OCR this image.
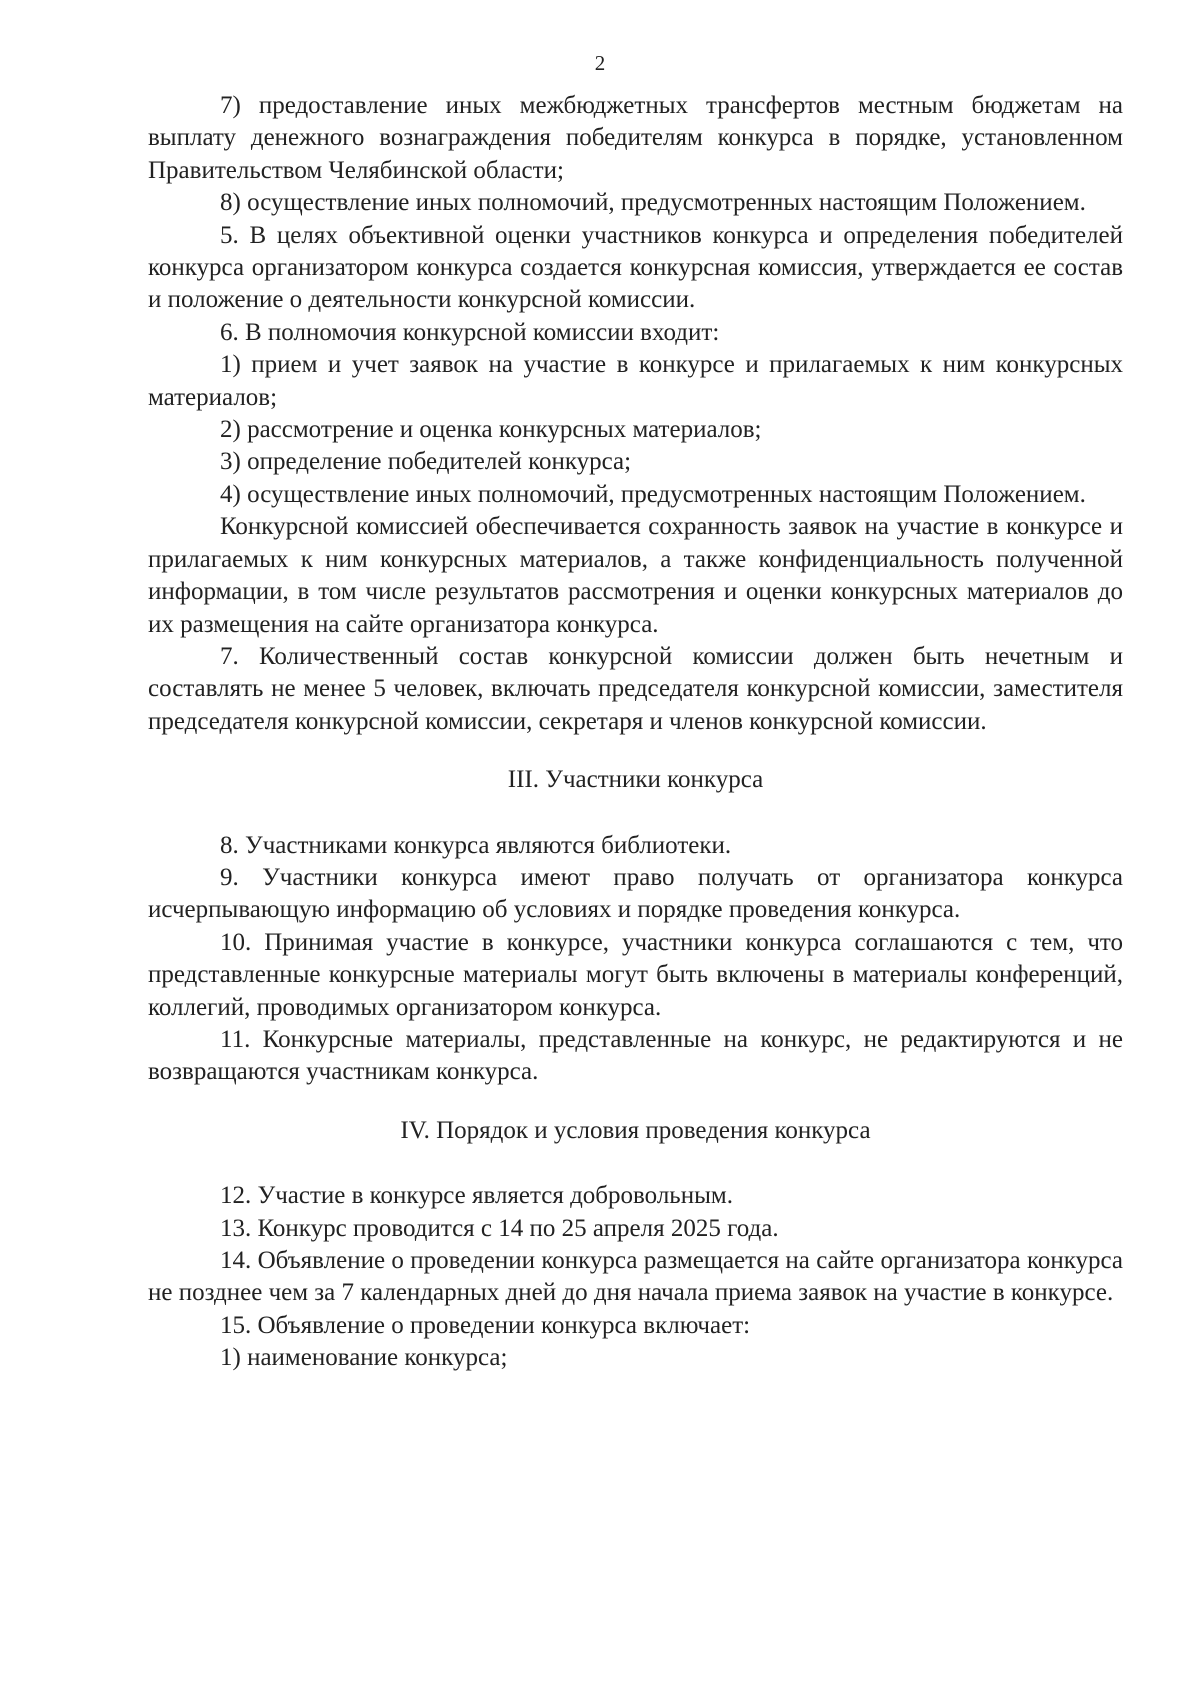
2

7) предоставление иных межбюджетных трансфертов местным бюджетам на выплату денежного вознаграждения победителям конкурса в порядке, установленном Правительством Челябинской области;

8) осуществление иных полномочий, предусмотренных настоящим Положением.

5. В целях объективной оценки участников конкурса и определения победителей конкурса организатором конкурса создается конкурсная комиссия, утверждается ее состав и положение о деятельности конкурсной комиссии.

6. В полномочия конкурсной комиссии входит:

1) прием и учет заявок на участие в конкурсе и прилагаемых к ним конкурсных материалов;

2) рассмотрение и оценка конкурсных материалов;

3) определение победителей конкурса;

4) осуществление иных полномочий, предусмотренных настоящим Положением.

Конкурсной комиссией обеспечивается сохранность заявок на участие в конкурсе и прилагаемых к ним конкурсных материалов, а также конфиденциальность полученной информации, в том числе результатов рассмотрения и оценки конкурсных материалов до их размещения на сайте организатора конкурса.

7. Количественный состав конкурсной комиссии должен быть нечетным и составлять не менее 5 человек, включать председателя конкурсной комиссии, заместителя председателя конкурсной комиссии, секретаря и членов конкурсной комиссии.

III. Участники конкурса

8. Участниками конкурса являются библиотеки.

9. Участники конкурса имеют право получать от организатора конкурса исчерпывающую информацию об условиях и порядке проведения конкурса.

10. Принимая участие в конкурсе, участники конкурса соглашаются с тем, что представленные конкурсные материалы могут быть включены в материалы конференций, коллегий, проводимых организатором конкурса.

11. Конкурсные материалы, представленные на конкурс, не редактируются и не возвращаются участникам конкурса.

IV. Порядок и условия проведения конкурса

12. Участие в конкурсе является добровольным.

13. Конкурс проводится с 14 по 25 апреля 2025 года.

14. Объявление о проведении конкурса размещается на сайте организатора конкурса не позднее чем за 7 календарных дней до дня начала приема заявок на участие в конкурсе.

15. Объявление о проведении конкурса включает:

1) наименование конкурса;
